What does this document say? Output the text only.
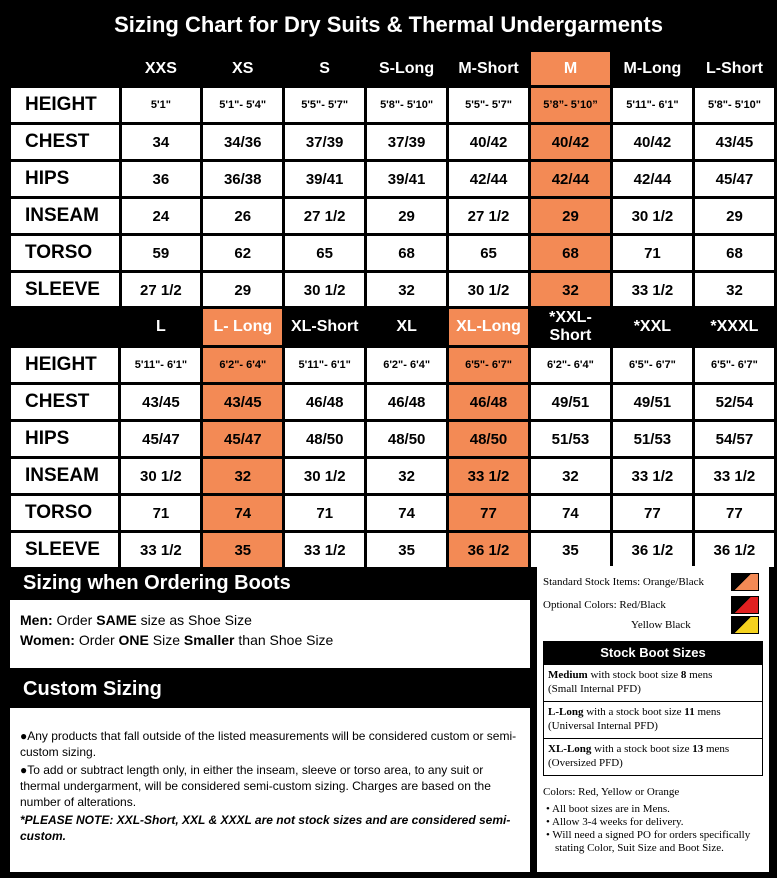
Sizing Chart for Dry Suits & Thermal Undergarments
	XXS	XS	S	S-Long	M-Short	M	M-Long	L-Short
HEIGHT	5'1"	5'1"- 5'4"	5'5"- 5'7"	5'8"- 5'10"	5'5"- 5'7"	5’8”- 5’10”	5'11"- 6'1"	5'8"- 5'10"
CHEST	34	34/36	37/39	37/39	40/42	40/42	40/42	43/45
HIPS	36	36/38	39/41	39/41	42/44	42/44	42/44	45/47
INSEAM	24	26	27 1/2	29	27 1/2	29	30 1/2	29
TORSO	59	62	65	68	65	68	71	68
SLEEVE	27 1/2	29	30 1/2	32	30 1/2	32	33 1/2	32
	L	L- Long	XL-Short	XL	XL-Long	*XXL-Short	*XXL	*XXXL
HEIGHT	5'11"- 6'1"	6'2"- 6'4"	5'11"- 6'1"	6'2"- 6'4"	6'5"- 6'7"	6'2"- 6'4"	6'5"- 6'7"	6'5"- 6'7"
CHEST	43/45	43/45	46/48	46/48	46/48	49/51	49/51	52/54
HIPS	45/47	45/47	48/50	48/50	48/50	51/53	51/53	54/57
INSEAM	30 1/2	32	30 1/2	32	33 1/2	32	33 1/2	33 1/2
TORSO	71	74	71	74	77	74	77	77
SLEEVE	33 1/2	35	33 1/2	35	36 1/2	35	36 1/2	36 1/2
Sizing when Ordering Boots
Men: Order SAME size as Shoe Size
Women: Order ONE Size Smaller than Shoe Size
Custom Sizing

●Any products that fall outside of the listed measurements will be considered custom or semi-custom sizing.

●To add or subtract length only, in either the inseam, sleeve or torso area, to any suit or thermal undergarment, will be considered semi-custom sizing. Charges are based on the number of alterations.

*PLEASE NOTE: XXL-Short, XXL & XXXL are not stock sizes and are considered semi-custom.

Standard Stock Items: Orange/Black
Optional Colors: Red/Black
Yellow Black
Stock Boot Sizes
Medium with stock boot size 8 mens
(Small Internal PFD)
L-Long with a stock boot size 11 mens
(Universal Internal PFD)
XL-Long with a stock boot size 13 mens
(Oversized PFD)
Colors: Red, Yellow or Orange
• All boot sizes are in Mens.
• Allow 3-4 weeks for delivery.
• Will need a signed PO for orders specifically stating Color, Suit Size and Boot Size.
